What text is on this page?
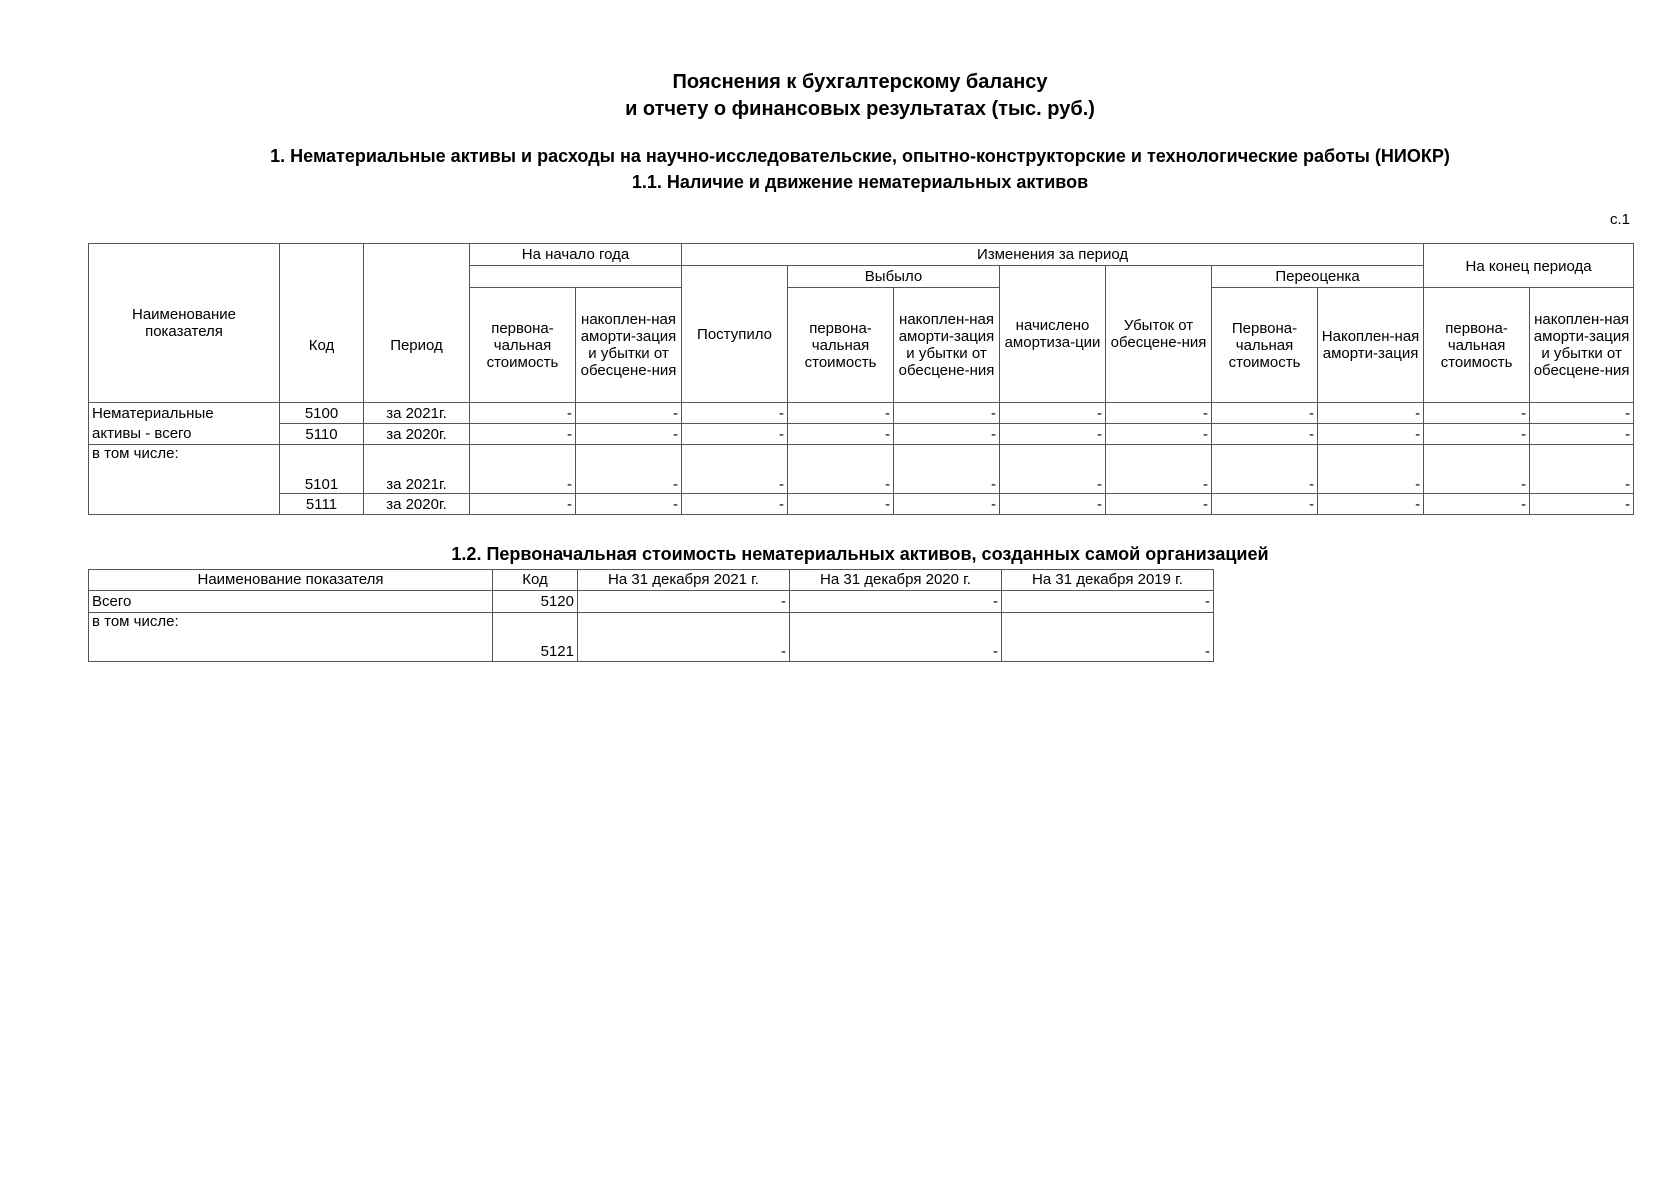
Пояснения к бухгалтерскому балансу
и отчету о финансовых результатах (тыс. руб.)
1. Нематериальные активы и расходы на научно-исследовательские, опытно-конструкторские и технологические работы (НИОКР)
1.1. Наличие и движение нематериальных активов
с.1
Наименование показателя	Код	Период	На начало года		Изменения за период							На конец периода	
					Поступило	Выбыло		начислено амортиза-ции	Убыток от обесцене-ния	Переоценка			
			первона-чальная стоимость	накоплен-ная аморти-зация и убытки от обесцене-ния		первона-чальная стоимость	накоплен-ная аморти-зация и убытки от обесцене-ния			Первона-чальная стоимость	Накоплен-ная аморти-зация	первона-чальная стоимость	накоплен-ная аморти-зация и убытки от обесцене-ния
Нематериальные	5100	за 2021г.	-	-	-	-	-	-	-	-	-	-	-
активы - всего	5110	за 2020г.	-	-	-	-	-	-	-	-	-	-	-
в том числе:	5101	за 2021г.	-	-	-	-	-	-	-	-	-	-	-
	5111	за 2020г.	-	-	-	-	-	-	-	-	-	-	-
1.2. Первоначальная стоимость нематериальных активов, созданных самой организацией
Наименование показателя	Код	На 31 декабря 2021 г.	На 31 декабря 2020 г.	На 31 декабря 2019 г.
Всего	5120	-	-	-
в том числе:	5121	-	-	-
